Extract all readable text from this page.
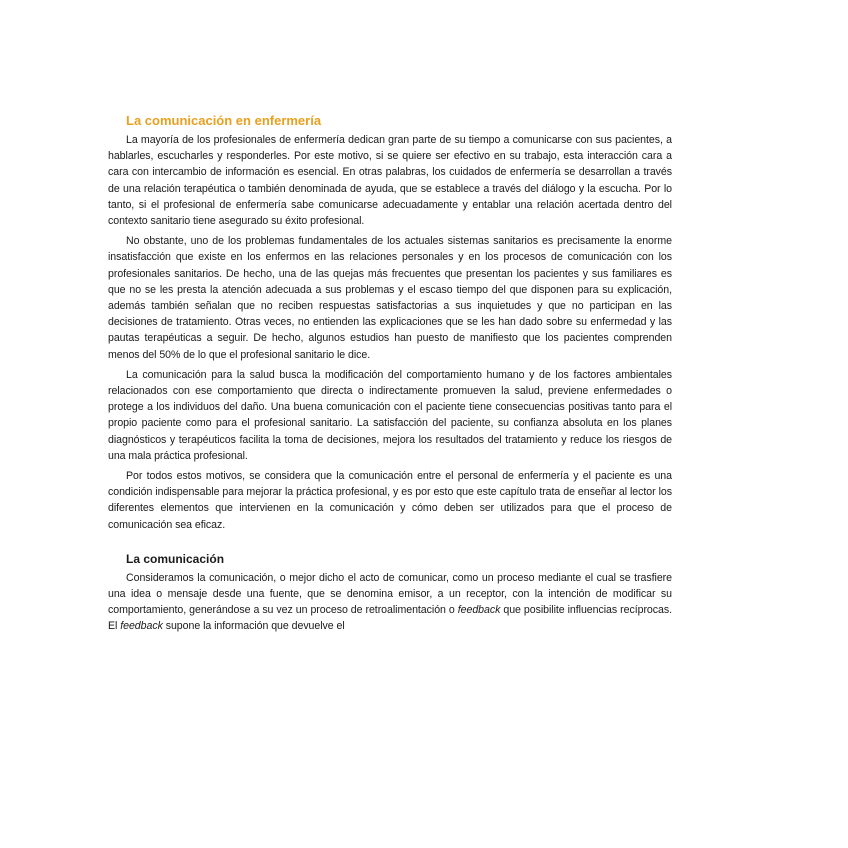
La comunicación en enfermería

La mayoría de los profesionales de enfermería dedican gran parte de su tiempo a comunicarse con sus pacientes, a hablarles, escucharles y responderles. Por este motivo, si se quiere ser efectivo en su trabajo, esta interacción cara a cara con intercambio de información es esencial. En otras palabras, los cuidados de enfermería se desarrollan a través de una relación terapéutica o también denominada de ayuda, que se establece a través del diálogo y la escucha. Por lo tanto, si el profesional de enfermería sabe comunicarse adecuadamente y entablar una relación acertada dentro del contexto sanitario tiene asegurado su éxito profesional.

No obstante, uno de los problemas fundamentales de los actuales sistemas sanitarios es precisamente la enorme insatisfacción que existe en los enfermos en las relaciones personales y en los procesos de comunicación con los profesionales sanitarios. De hecho, una de las quejas más frecuentes que presentan los pacientes y sus familiares es que no se les presta la atención adecuada a sus problemas y el escaso tiempo del que disponen para su explicación, además también señalan que no reciben respuestas satisfactorias a sus inquietudes y que no participan en las decisiones de tratamiento. Otras veces, no entienden las explicaciones que se les han dado sobre su enfermedad y las pautas terapéuticas a seguir. De hecho, algunos estudios han puesto de manifiesto que los pacientes comprenden menos del 50% de lo que el profesional sanitario le dice.

La comunicación para la salud busca la modificación del comportamiento humano y de los factores ambientales relacionados con ese comportamiento que directa o indirectamente promueven la salud, previene enfermedades o protege a los individuos del daño. Una buena comunicación con el paciente tiene consecuencias positivas tanto para el propio paciente como para el profesional sanitario. La satisfacción del paciente, su confianza absoluta en los planes diagnósticos y terapéuticos facilita la toma de decisiones, mejora los resultados del tratamiento y reduce los riesgos de una mala práctica profesional.

Por todos estos motivos, se considera que la comunicación entre el personal de enfermería y el paciente es una condición indispensable para mejorar la práctica profesional, y es por esto que este capítulo trata de enseñar al lector los diferentes elementos que intervienen en la comunicación y cómo deben ser utilizados para que el proceso de comunicación sea eficaz.

La comunicación

Consideramos la comunicación, o mejor dicho el acto de comunicar, como un proceso mediante el cual se trasfiere una idea o mensaje desde una fuente, que se denomina emisor, a un receptor, con la intención de modificar su comportamiento, generándose a su vez un proceso de retroalimentación o feedback que posibilite influencias recíprocas. El feedback supone la información que devuelve el
